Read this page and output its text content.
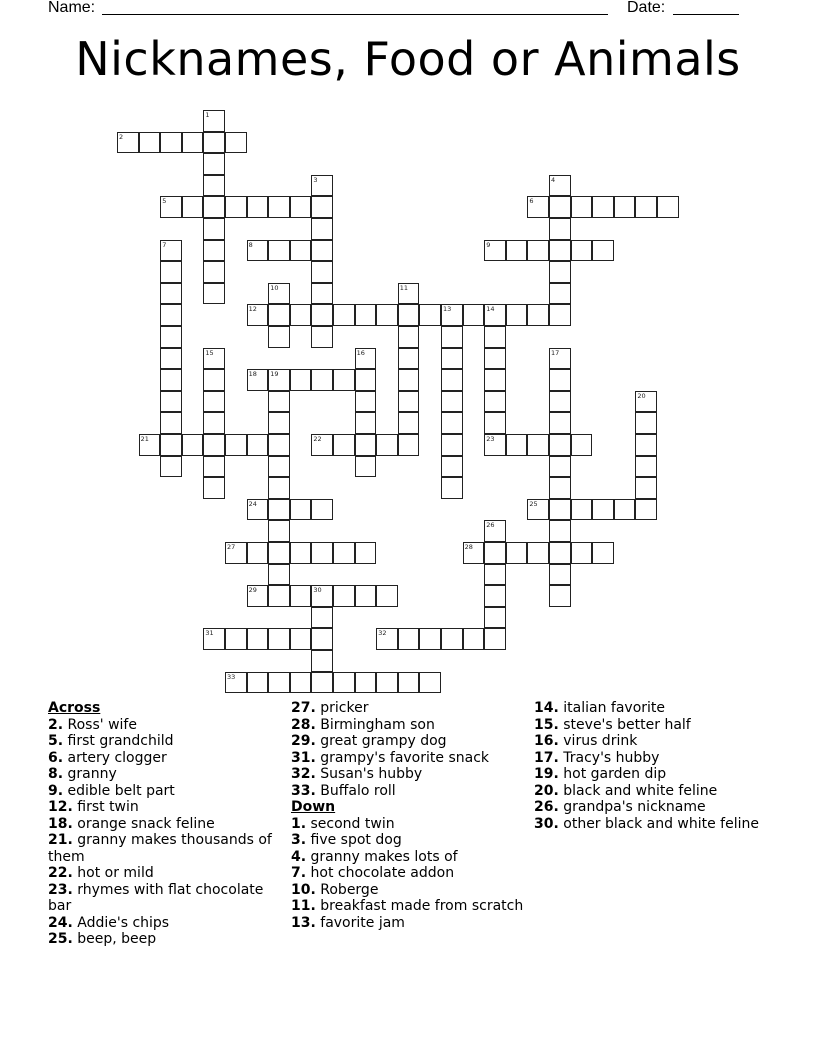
Name:	Date:
Nicknames, Food or Animals
1
2
3	4
5	6
7	8	9
10	11
12	13	14
23
15	16	17
18 19
20
21	22
24	25
26
27	28
29	30
31	32
33
Across
2. Ross' wife
5. first grandchild
6. artery clogger
8. granny
9. edible belt part
12. first twin
18. orange snack feline
21. granny makes thousands of them
22. hot or mild
23. rhymes with flat chocolate bar
24. Addie's chips
25. beep, beep
27. pricker
28. Birmingham son
29. great grampy dog
31. grampy's favorite snack
32. Susan's hubby
33. Buffalo roll
Down
1. second twin
3. five spot dog
4. granny makes lots of
7. hot chocolate addon
10. Roberge
11. breakfast made from scratch
13. favorite jam
14. italian favorite
15. steve's better half
16. virus drink
17. Tracy's hubby
19. hot garden dip
20. black and white feline
26. grandpa's nickname
30. other black and white feline
